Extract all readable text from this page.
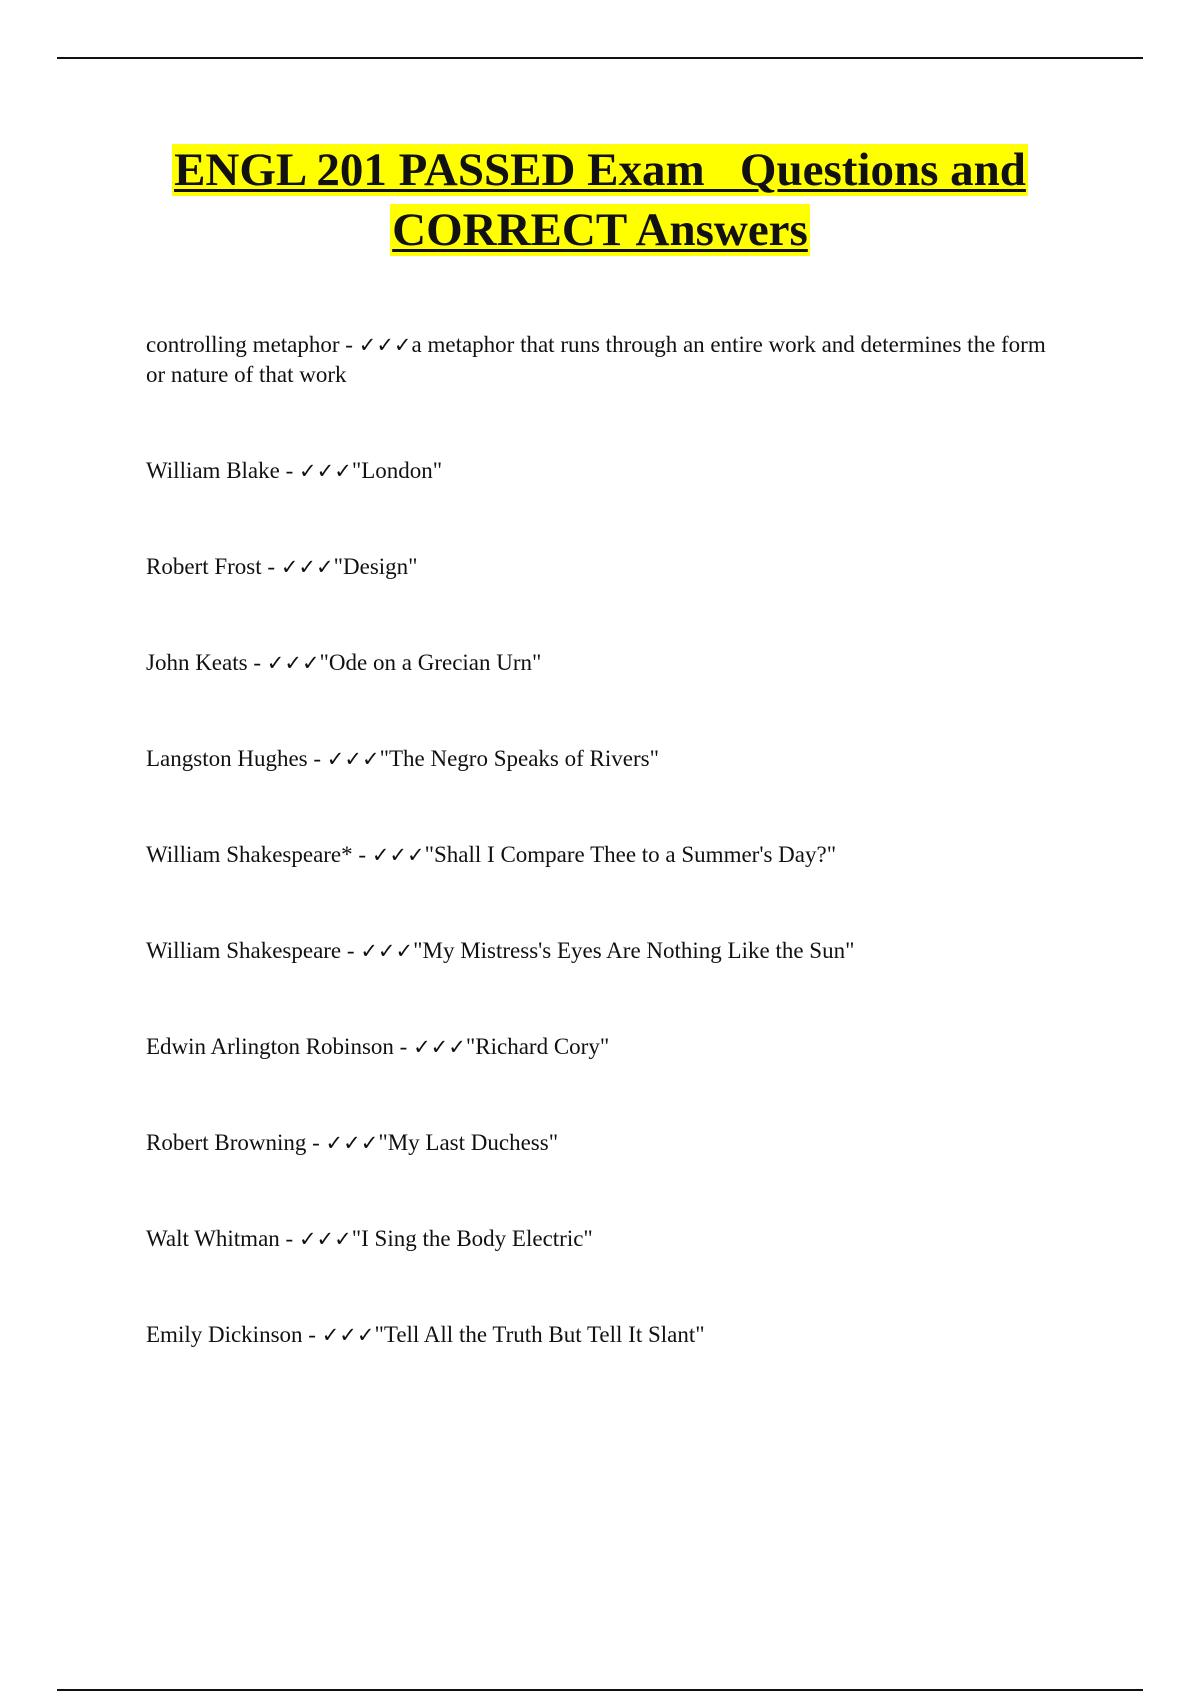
ENGL 201 PASSED Exam   Questions and
CORRECT Answers
controlling metaphor - ✓✓✓a metaphor that runs through an entire work and determines the form or nature of that work
William Blake - ✓✓✓"London"
Robert Frost - ✓✓✓"Design"
John Keats - ✓✓✓"Ode on a Grecian Urn"
Langston Hughes - ✓✓✓"The Negro Speaks of Rivers"
William Shakespeare* - ✓✓✓"Shall I Compare Thee to a Summer's Day?"
William Shakespeare - ✓✓✓"My Mistress's Eyes Are Nothing Like the Sun"
Edwin Arlington Robinson - ✓✓✓"Richard Cory"
Robert Browning - ✓✓✓"My Last Duchess"
Walt Whitman - ✓✓✓"I Sing the Body Electric"
Emily Dickinson - ✓✓✓"Tell All the Truth But Tell It Slant"
